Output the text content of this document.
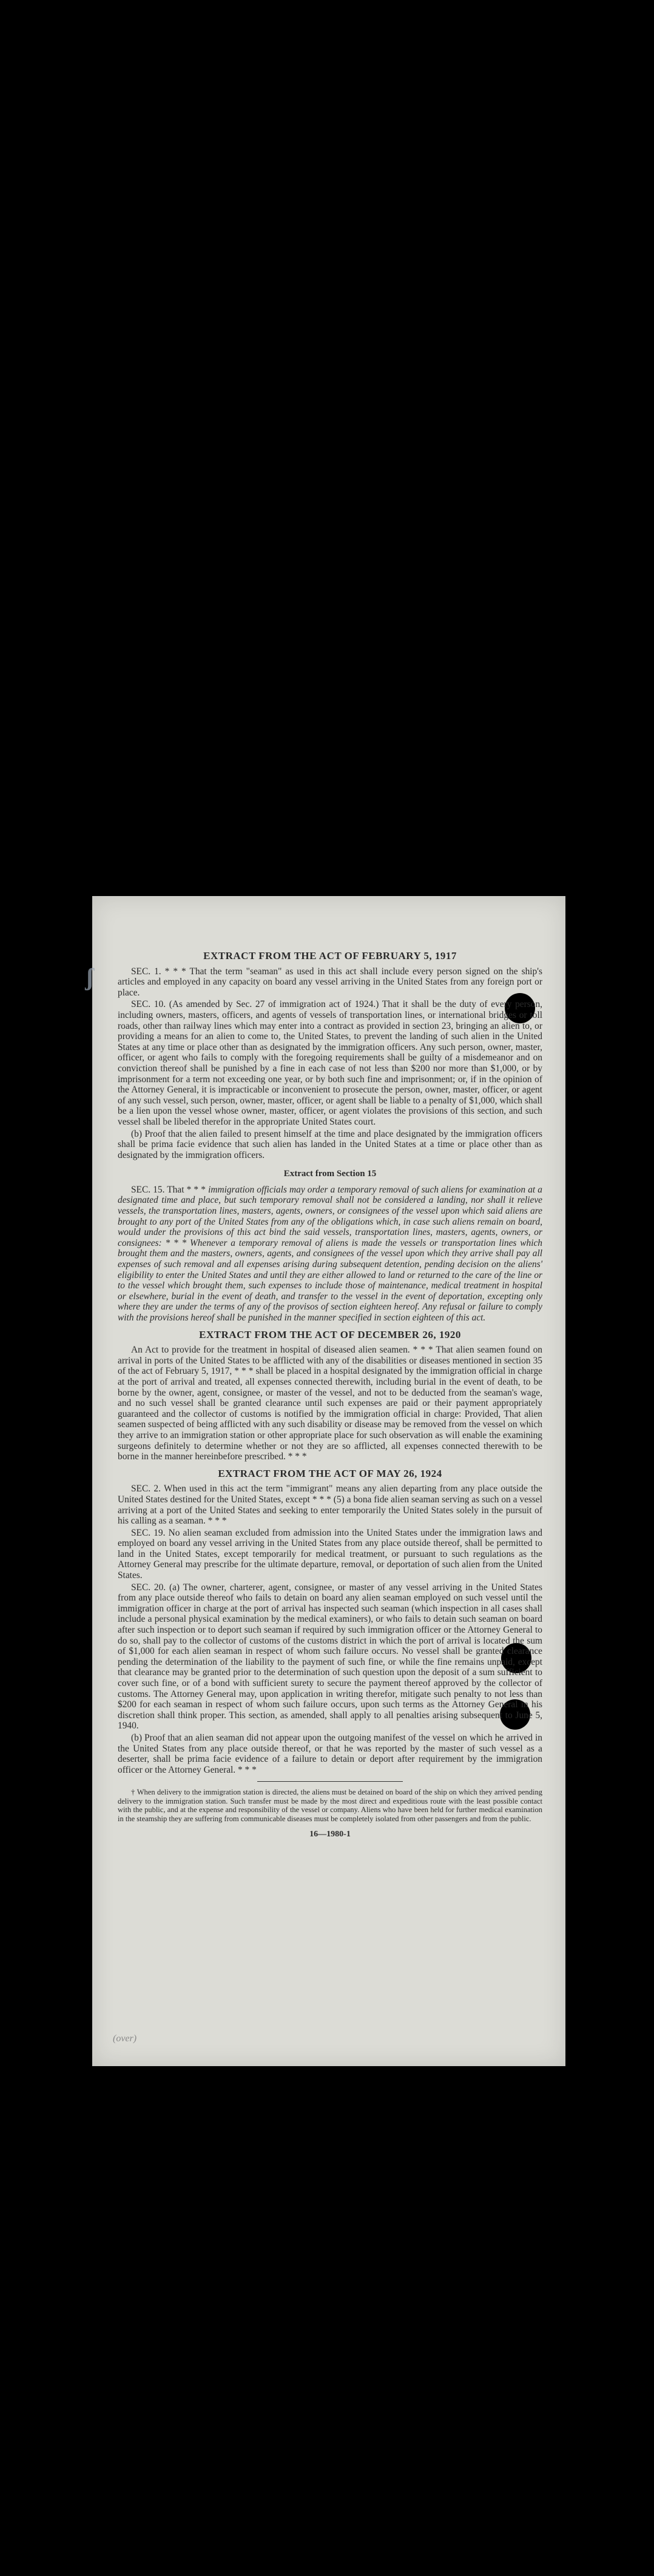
ʃ
EXTRACT FROM THE ACT OF FEBRUARY 5, 1917

SEC. 1. * * * That the term "seaman" as used in this act shall include every person signed on the ship's articles and employed in any capacity on board any vessel arriving in the United States from any foreign port or place.

SEC. 10. (As amended by Sec. 27 of immigration act of 1924.) That it shall be the duty of every person, including owners, masters, officers, and agents of vessels of transportation lines, or international bridges or toll roads, other than railway lines which may enter into a contract as provided in section 23, bringing an alien to, or providing a means for an alien to come to, the United States, to prevent the landing of such alien in the United States at any time or place other than as designated by the immigration officers. Any such person, owner, master, officer, or agent who fails to comply with the foregoing requirements shall be guilty of a misdemeanor and on conviction thereof shall be punished by a fine in each case of not less than $200 nor more than $1,000, or by imprisonment for a term not exceeding one year, or by both such fine and imprisonment; or, if in the opinion of the Attorney General, it is impracticable or inconvenient to prosecute the person, owner, master, officer, or agent of any such vessel, such person, owner, master, officer, or agent shall be liable to a penalty of $1,000, which shall be a lien upon the vessel whose owner, master, officer, or agent violates the provisions of this section, and such vessel shall be libeled therefor in the appropriate United States court.

(b) Proof that the alien failed to present himself at the time and place designated by the immigration officers shall be prima facie evidence that such alien has landed in the United States at a time or place other than as designated by the immigration officers.

Extract from Section 15

SEC. 15. That * * * immigration officials may order a temporary removal of such aliens for examination at a designated time and place, but such temporary removal shall not be considered a landing, nor shall it relieve vessels, the transportation lines, masters, agents, owners, or consignees of the vessel upon which said aliens are brought to any port of the United States from any of the obligations which, in case such aliens remain on board, would under the provisions of this act bind the said vessels, transportation lines, masters, agents, owners, or consignees: * * * Whenever a temporary removal of aliens is made the vessels or transportation lines which brought them and the masters, owners, agents, and consignees of the vessel upon which they arrive shall pay all expenses of such removal and all expenses arising during subsequent detention, pending decision on the aliens' eligibility to enter the United States and until they are either allowed to land or returned to the care of the line or to the vessel which brought them, such expenses to include those of maintenance, medical treatment in hospital or elsewhere, burial in the event of death, and transfer to the vessel in the event of deportation, excepting only where they are under the terms of any of the provisos of section eighteen hereof. Any refusal or failure to comply with the provisions hereof shall be punished in the manner specified in section eighteen of this act.

EXTRACT FROM THE ACT OF DECEMBER 26, 1920

An Act to provide for the treatment in hospital of diseased alien seamen. * * * That alien seamen found on arrival in ports of the United States to be afflicted with any of the disabilities or diseases mentioned in section 35 of the act of February 5, 1917, * * * shall be placed in a hospital designated by the immigration official in charge at the port of arrival and treated, all expenses connected therewith, including burial in the event of death, to be borne by the owner, agent, consignee, or master of the vessel, and not to be deducted from the seaman's wage, and no such vessel shall be granted clearance until such expenses are paid or their payment appropriately guaranteed and the collector of customs is notified by the immigration official in charge: Provided, That alien seamen suspected of being afflicted with any such disability or disease may be removed from the vessel on which they arrive to an immigration station or other appropriate place for such observation as will enable the examining surgeons definitely to determine whether or not they are so afflicted, all expenses connected therewith to be borne in the manner hereinbefore prescribed. * * *

EXTRACT FROM THE ACT OF MAY 26, 1924

SEC. 2. When used in this act the term "immigrant" means any alien departing from any place outside the United States destined for the United States, except * * * (5) a bona fide alien seaman serving as such on a vessel arriving at a port of the United States and seeking to enter temporarily the United States solely in the pursuit of his calling as a seaman. * * *

SEC. 19. No alien seaman excluded from admission into the United States under the immigration laws and employed on board any vessel arriving in the United States from any place outside thereof, shall be permitted to land in the United States, except temporarily for medical treatment, or pursuant to such regulations as the Attorney General may prescribe for the ultimate departure, removal, or deportation of such alien from the United States.

SEC. 20. (a) The owner, charterer, agent, consignee, or master of any vessel arriving in the United States from any place outside thereof who fails to detain on board any alien seaman employed on such vessel until the immigration officer in charge at the port of arrival has inspected such seaman (which inspection in all cases shall include a personal physical examination by the medical examiners), or who fails to detain such seaman on board after such inspection or to deport such seaman if required by such immigration officer or the Attorney General to do so, shall pay to the collector of customs of the customs district in which the port of arrival is located the sum of $1,000 for each alien seaman in respect of whom such failure occurs. No vessel shall be granted clearance pending the determination of the liability to the payment of such fine, or while the fine remains unpaid, except that clearance may be granted prior to the determination of such question upon the deposit of a sum sufficient to cover such fine, or of a bond with sufficient surety to secure the payment thereof approved by the collector of customs. The Attorney General may, upon application in writing therefor, mitigate such penalty to not less than $200 for each seaman in respect of whom such failure occurs, upon such terms as the Attorney General in his discretion shall think proper. This section, as amended, shall apply to all penalties arising subsequent to June 5, 1940.

(b) Proof that an alien seaman did not appear upon the outgoing manifest of the vessel on which he arrived in the United States from any place outside thereof, or that he was reported by the master of such vessel as a deserter, shall be prima facie evidence of a failure to detain or deport after requirement by the immigration officer or the Attorney General. * * *

† When delivery to the immigration station is directed, the aliens must be detained on board of the ship on which they arrived pending delivery to the immigration station. Such transfer must be made by the most direct and expeditious route with the least possible contact with the public, and at the expense and responsibility of the vessel or company. Aliens who have been held for further medical examination in the steamship they are suffering from communicable diseases must be completely isolated from other passengers and from the public.

16—1980-1
(over)
